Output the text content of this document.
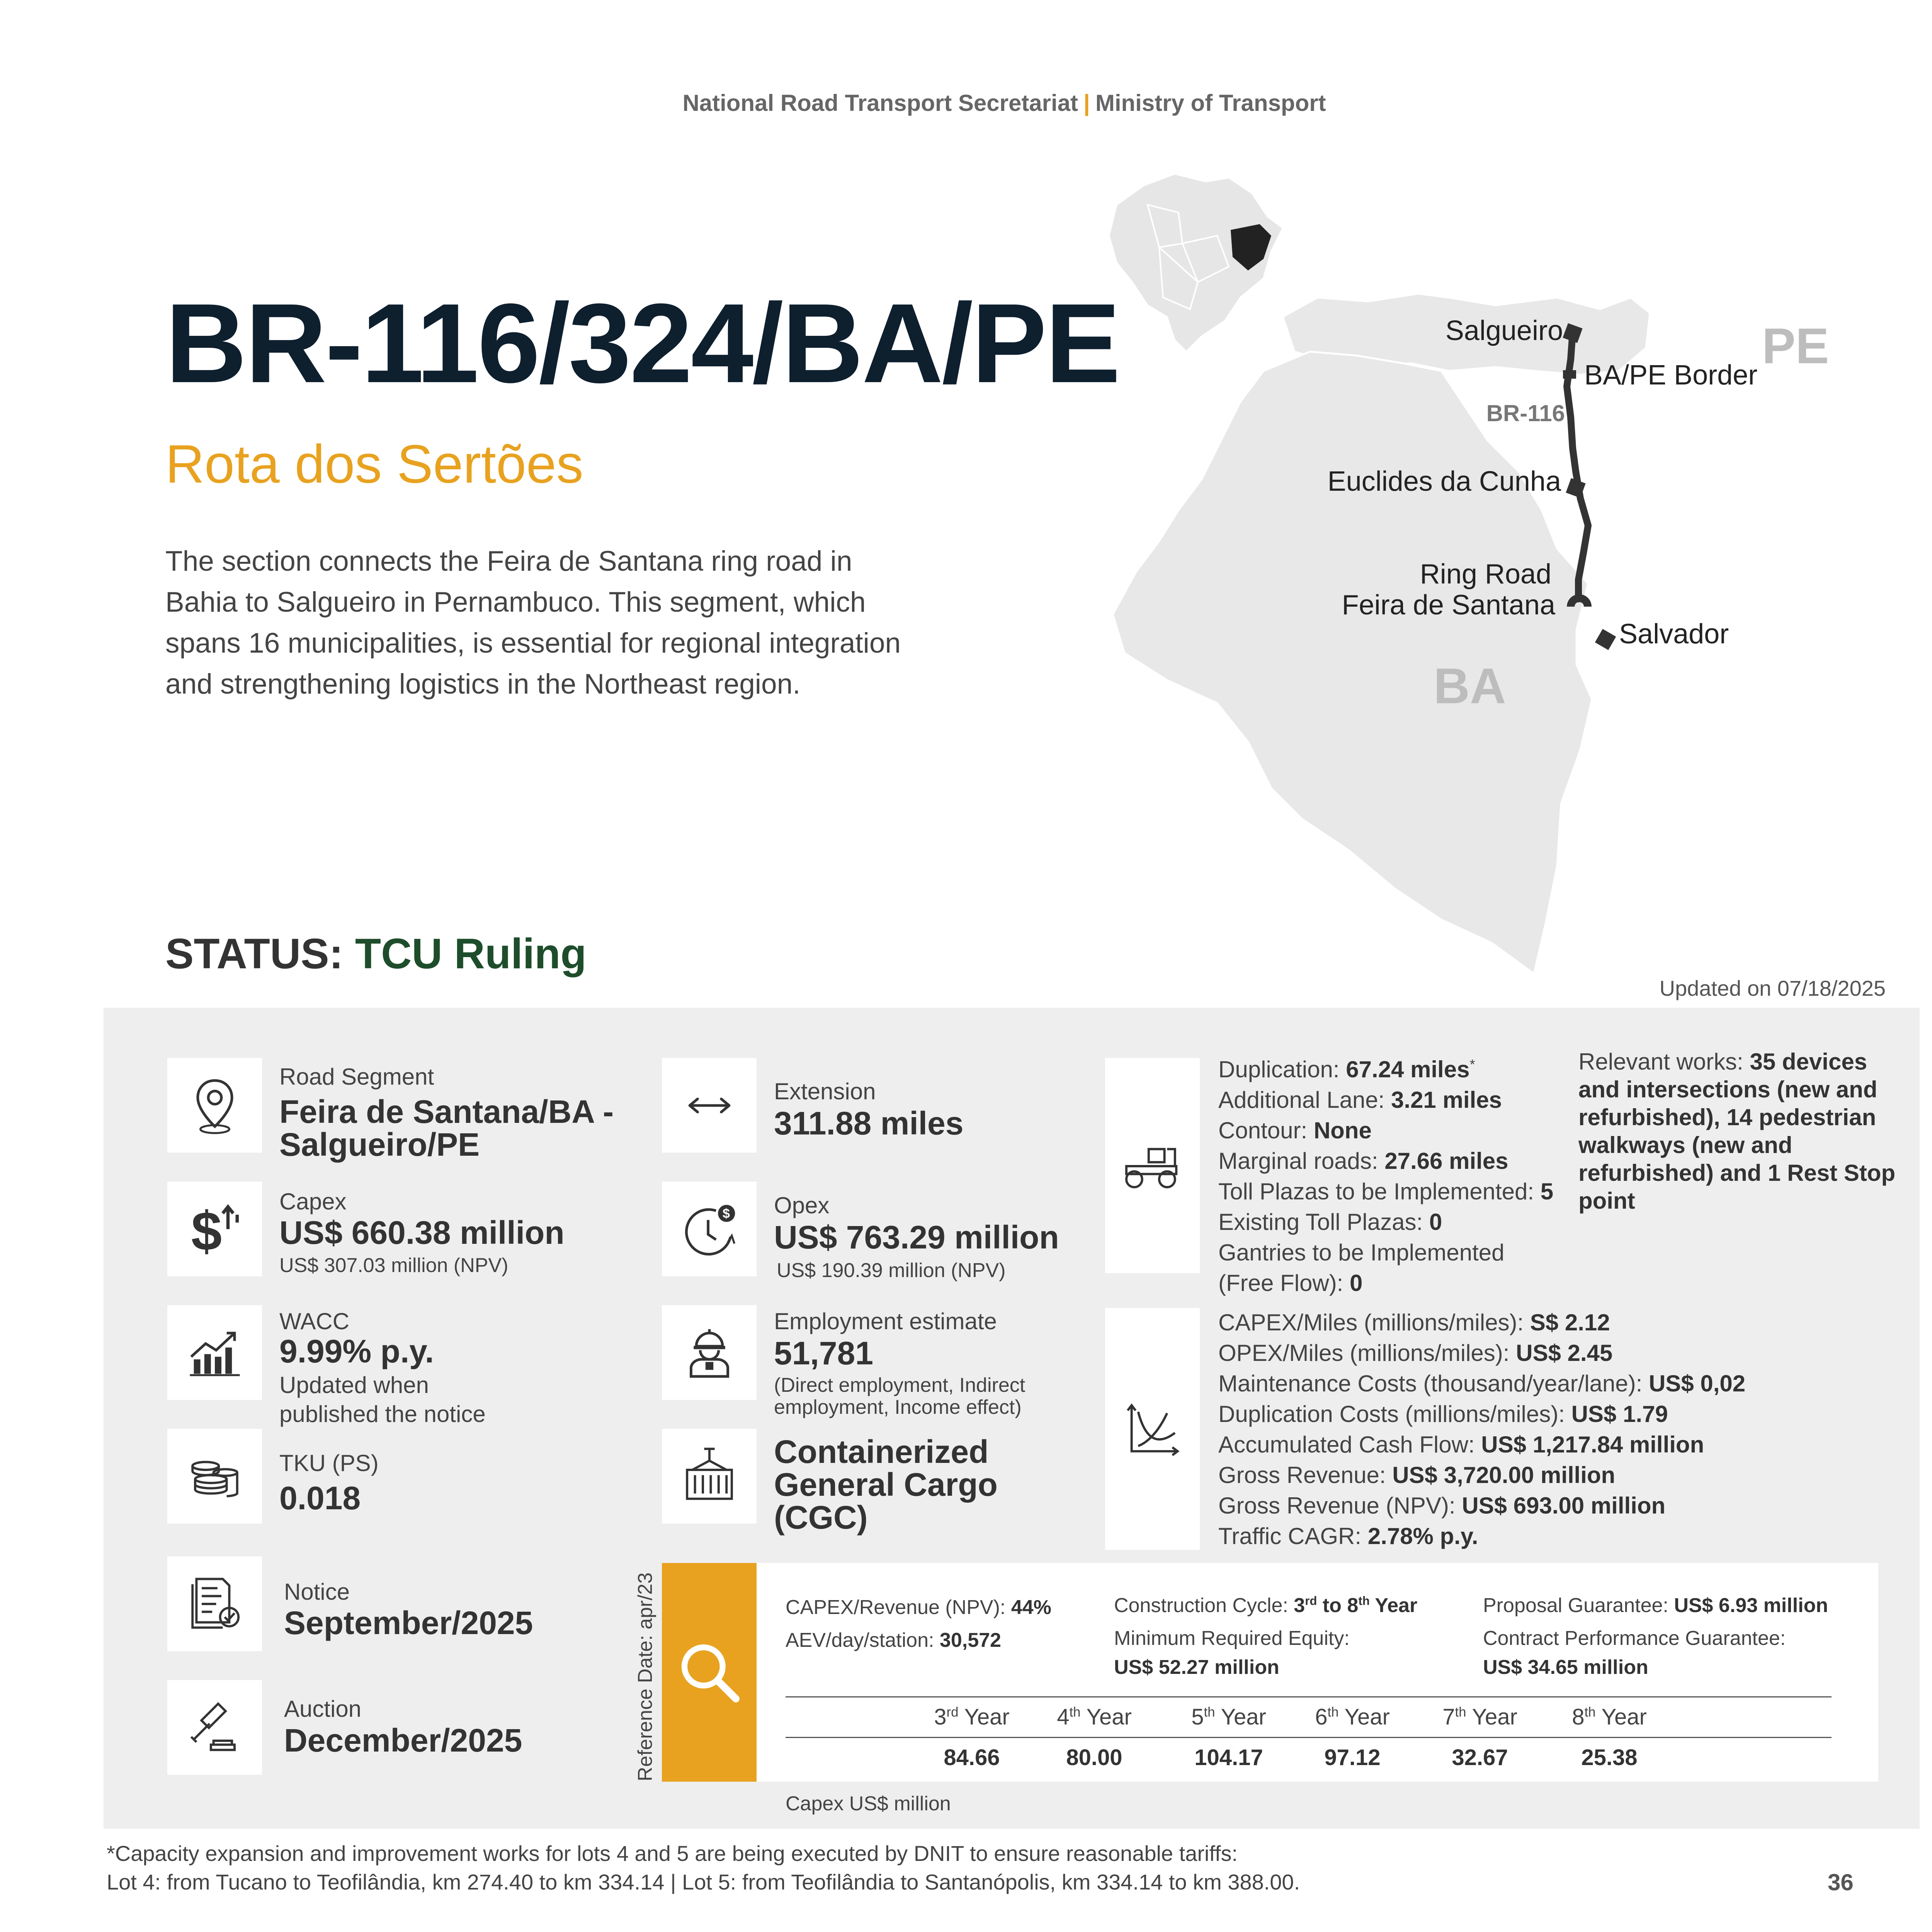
National Road Transport Secretariat | Ministry of Transport
BR-116/324/BA/PE
Rota dos Sertões
The section connects the Feira de Santana ring road in Bahia to Salgueiro in Pernambuco. This segment, which spans 16 municipalities, is essential for regional integration and strengthening logistics in the Northeast region.
Salgueiro
BA/PE Border
BR-116
Euclides da Cunha
Ring Road
Feira de Santana
Salvador
BA
PE
STATUS: TCU Ruling
Updated on 07/18/2025
Road Segment
Feira de Santana/BA -
Salgueiro/PE
Extension
311.88 miles
$ Capex
US$ 660.38 million
US$ 307.03 million (NPV)
$ Opex
US$ 763.29 million
US$ 190.39 million (NPV)
WACC
9.99% p.y.
Updated when
published the notice
Employment estimate
51,781
(Direct employment, Indirect
employment, Income effect)
TKU (PS)
0.018
Containerized
General Cargo
(CGC)
Notice
September/2025
Auction
December/2025
Duplication: 67.24 miles*
Additional Lane: 3.21 miles
Contour: None
Marginal roads: 27.66 miles
Toll Plazas to be Implemented: 5
Existing Toll Plazas: 0
Gantries to be Implemented
(Free Flow): 0
Relevant works: 35 devices and intersections (new and refurbished), 14 pedestrian walkways (new and refurbished) and 1 Rest Stop point
CAPEX/Miles (millions/miles): S$ 2.12
OPEX/Miles (millions/miles): US$ 2.45
Maintenance Costs (thousand/year/lane): US$ 0,02
Duplication Costs (millions/miles): US$ 1.79
Accumulated Cash Flow: US$ 1,217.84 million
Gross Revenue: US$ 3,720.00 million
Gross Revenue (NPV): US$ 693.00 million
Traffic CAGR: 2.78% p.y.
Reference Date: apr/23	CAPEX/Revenue (NPV): 44%
AEV/day/station: 30,572
Construction Cycle: 3rd to 8th Year
Minimum Required Equity:
US$ 52.27 million
Proposal Guarantee: US$ 6.93 million
Contract Performance Guarantee:
US$ 34.65 million
3rd Year 4th Year	5th Year 6th Year 7th Year 8th Year
84.66	80.00	104.17	97.12	32.67	25.38
Capex US$ million
*Capacity expansion and improvement works for lots 4 and 5 are being executed by DNIT to ensure reasonable tariffs:
Lot 4: from Tucano to Teofilândia, km 274.40 to km 334.14 | Lot 5: from Teofilândia to Santanópolis, km 334.14 to km 388.00.	36
